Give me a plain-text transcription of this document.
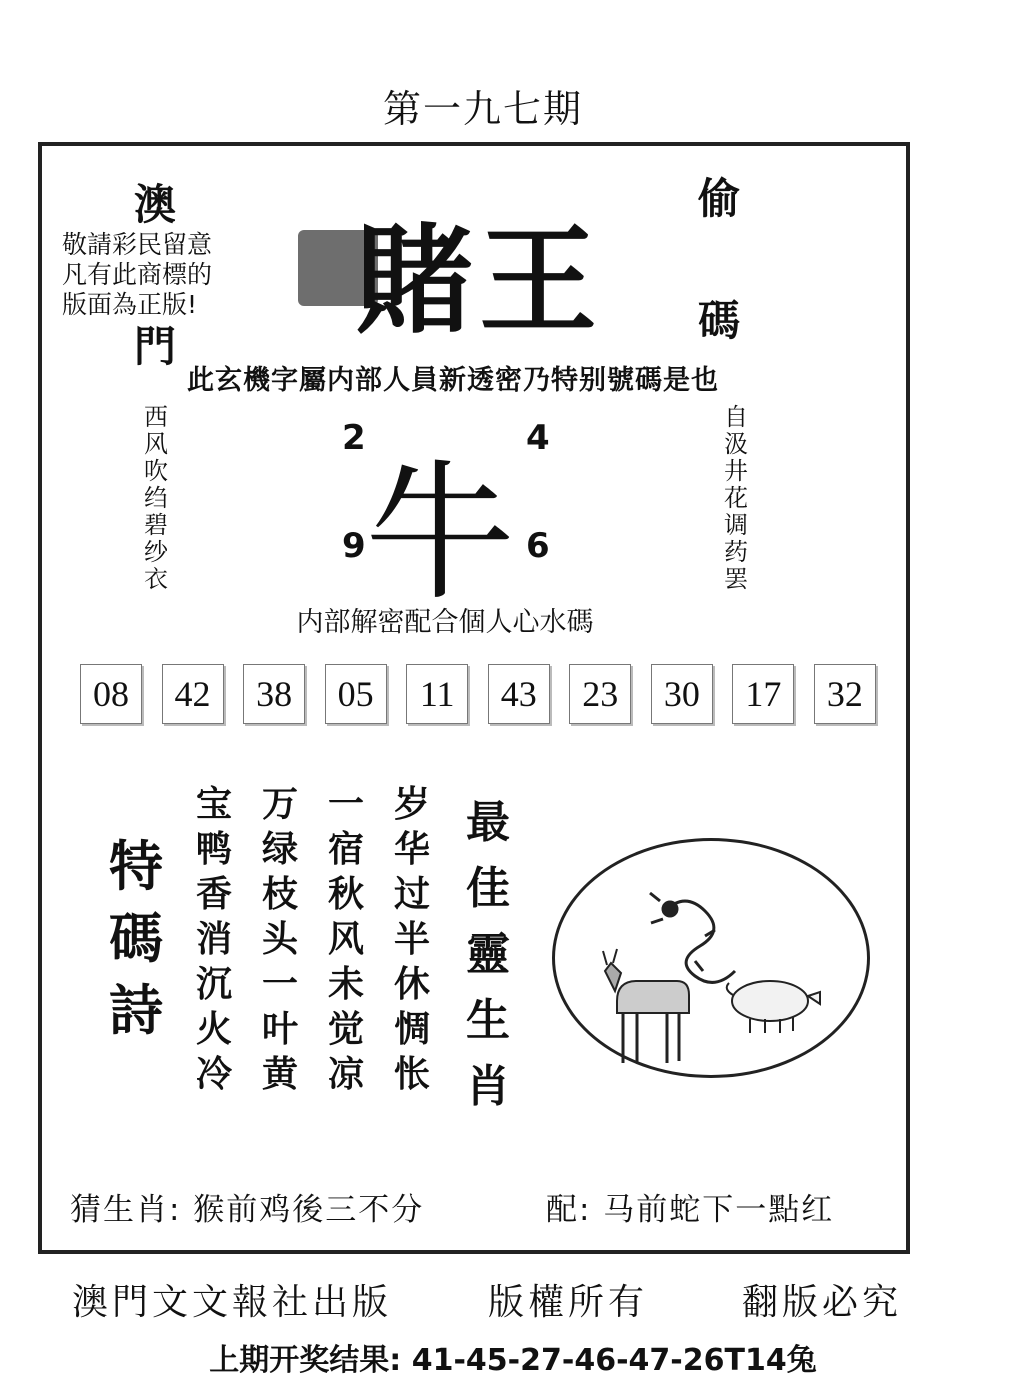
第一九七期
澳
門
偷
碼
敬請彩民留意
凡有此商標的
版面為正版!	賭王
此玄機字屬内部人員新透密乃特别號碼是也
西
风
吹
绉
碧
纱
衣
自
汲
井
花
调
药
罢
2	4
9	6
牛
内部解密配合個人心水碼
08	42	38	05	11	43	23	30	17	32
特
碼
詩
宝
鸭
香
消
沉
火
冷
万
绿
枝
头
一
叶
黄
一
宿
秋
风
未
觉
凉
岁
华
过
半
休
惆
怅
最
佳
靈
生
肖
猜生肖: 猴前鸡後三不分	配: 马前蛇下一點红
澳門文文報社出版	版權所有	翻版必究
上期开奖结果: 41-45-27-46-47-26T14兔
